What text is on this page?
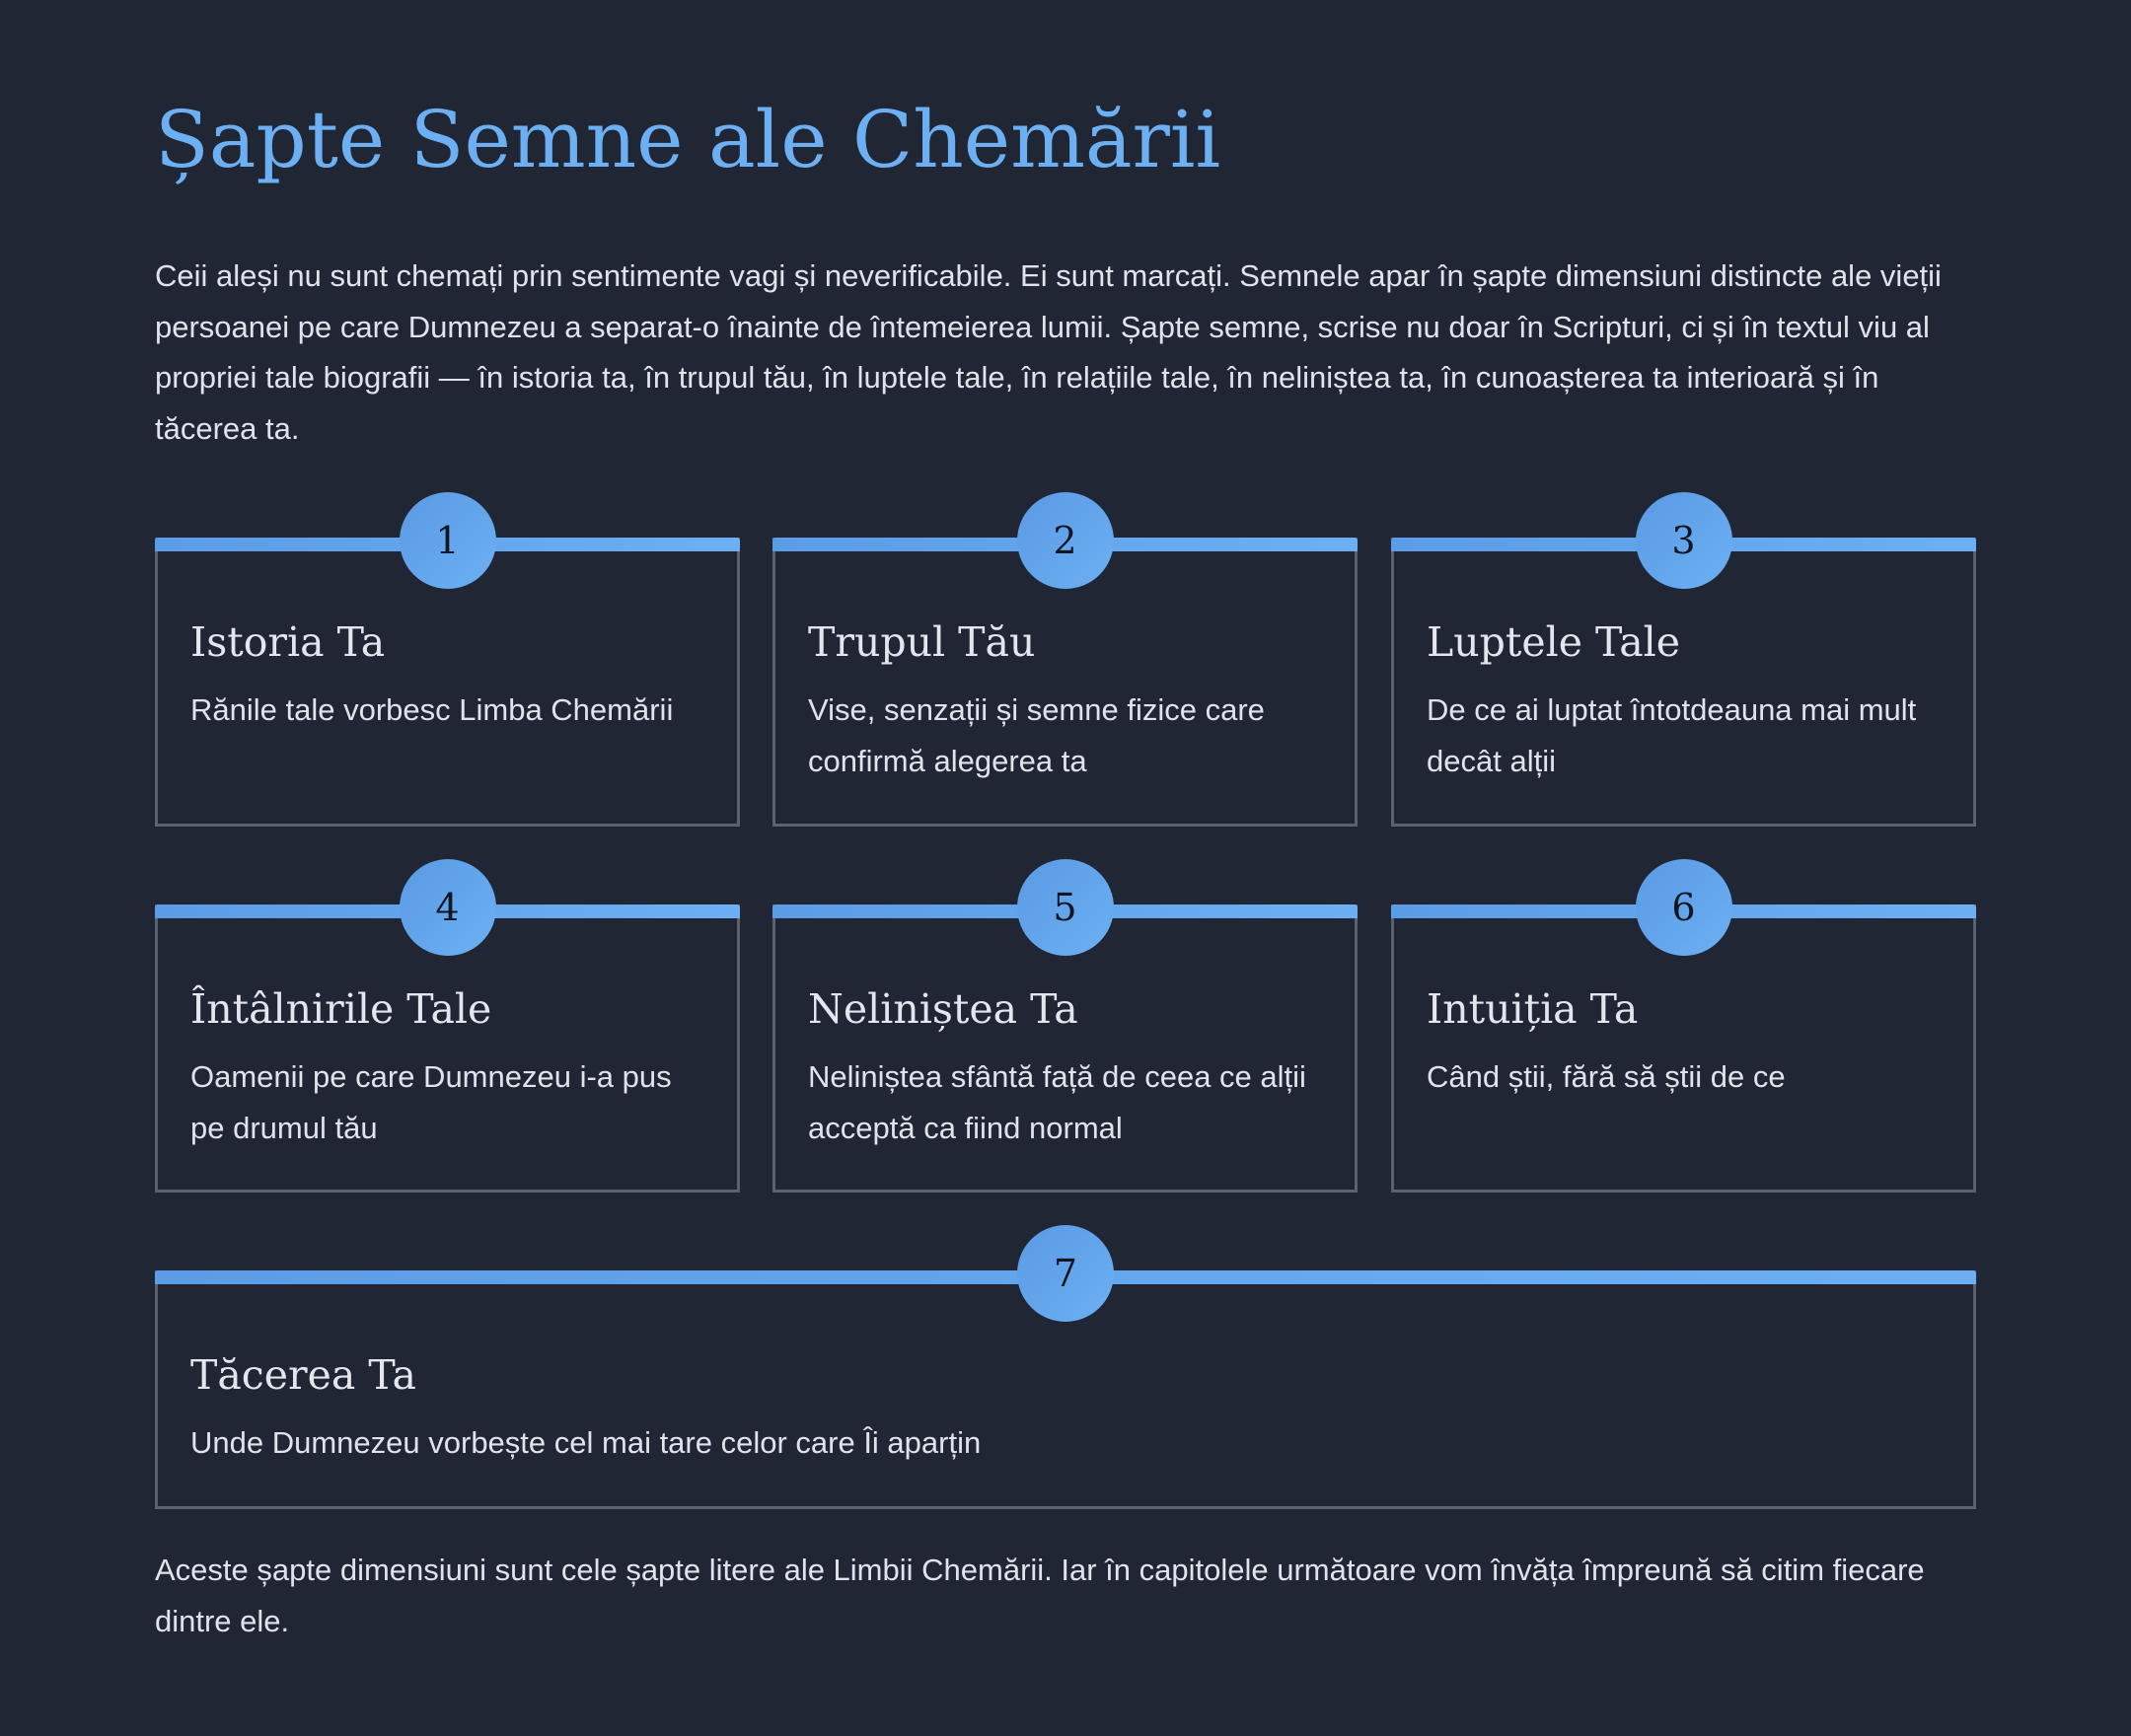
Șapte Semne ale Chemării

Ceii aleși nu sunt chemați prin sentimente vagi și neverificabile. Ei sunt marcați. Semnele apar în șapte dimensiuni distincte ale vieții persoanei pe care Dumnezeu a separat-o înainte de întemeierea lumii. Șapte semne, scrise nu doar în Scripturi, ci și în textul viu al propriei tale biografii — în istoria ta, în trupul tău, în luptele tale, în relațiile tale, în neliniștea ta, în cunoașterea ta interioară și în tăcerea ta.

1
Istoria Ta

Rănile tale vorbesc Limba Chemării

2
Trupul Tău

Vise, senzații și semne fizice care confirmă alegerea ta

3
Luptele Tale

De ce ai luptat întotdeauna mai mult decât alții

4
Întâlnirile Tale

Oamenii pe care Dumnezeu i-a pus pe drumul tău

5
Neliniștea Ta

Neliniștea sfântă față de ceea ce alții acceptă ca fiind normal

6
Intuiția Ta

Când știi, fără să știi de ce

7
Tăcerea Ta

Unde Dumnezeu vorbește cel mai tare celor care Îi aparțin

Aceste șapte dimensiuni sunt cele șapte litere ale Limbii Chemării. Iar în capitolele următoare vom învăța împreună să citim fiecare dintre ele.
